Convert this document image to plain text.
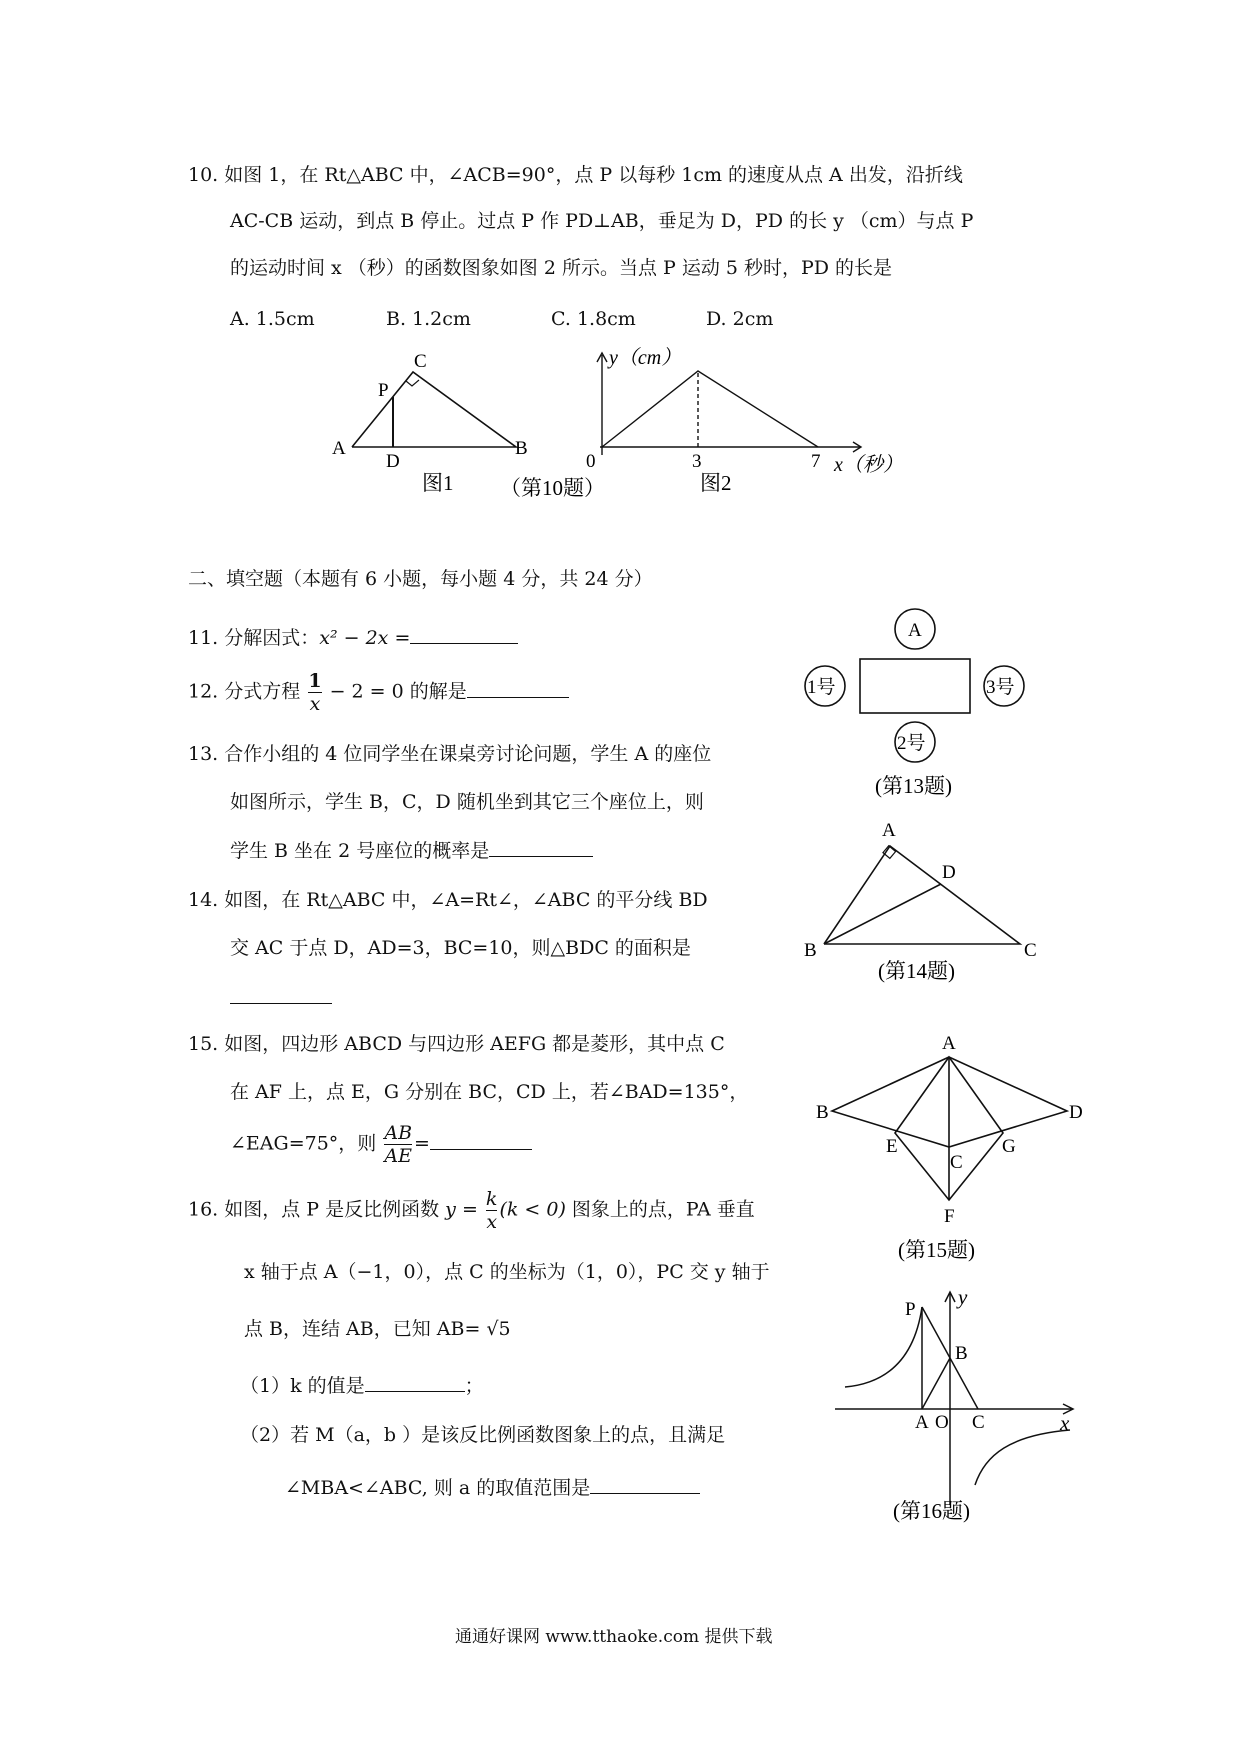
10. 如图 1，在 Rt△ABC 中，∠ACB=90°，点 P 以每秒 1cm 的速度从点 A 出发，沿折线
AC-CB 运动，到点 B 停止。过点 P 作 PD⊥AB，垂足为 D，PD 的长 y （cm）与点 P
的运动时间 x （秒）的函数图象如图 2 所示。当点 P 运动 5 秒时，PD 的长是
A. 1.5cm	B. 1.2cm	C. 1.8cm	D. 2cm
A	B
C
P
D
图1 （第10题）
y（cm）
x（秒）
0	3	7
图2
二、填空题（本题有 6 小题，每小题 4 分，共 24 分）
11. 分解因式：x² − 2x =
12. 分式方程 $\frac{1}{x} - 2 = 0$ 的解是
13. 合作小组的 4 位同学坐在课桌旁讨论问题，学生 A 的座位
如图所示，学生 B，C，D 随机坐到其它三个座位上，则
学生 B 坐在 2 号座位的概率是
A
1号	3号
2号
(第13题)
14. 如图，在 Rt△ABC 中，∠A=Rt∠，∠ABC 的平分线 BD
交 AC 于点 D，AD=3，BC=10，则△BDC 的面积是
A
B	C
D
(第14题)
15. 如图，四边形 ABCD 与四边形 AEFG 都是菱形，其中点 C
在 AF 上，点 E，G 分别在 BC，CD 上，若∠BAD=135°，
∠EAG=75°，则 $\frac{AB}{AE}$ =
A
B	D
E	G
C
F
(第15题)
16. 如图，点 P 是反比例函数 $y = \frac{k}{x} (k < 0)$ 图象上的点，PA 垂直
x 轴于点 A（−1，0），点 C 的坐标为（1，0），PC 交 y 轴于
点 B，连结 AB，已知 AB= √5
（1）k 的值是	；
（2）若 M（a，b ）是该反比例函数图象上的点，且满足
∠MBA<∠ABC, 则 a 的取值范围是
P
B
A O C	x
y
(第16题)
通通好课网 www.tthaoke.com 提供下载
